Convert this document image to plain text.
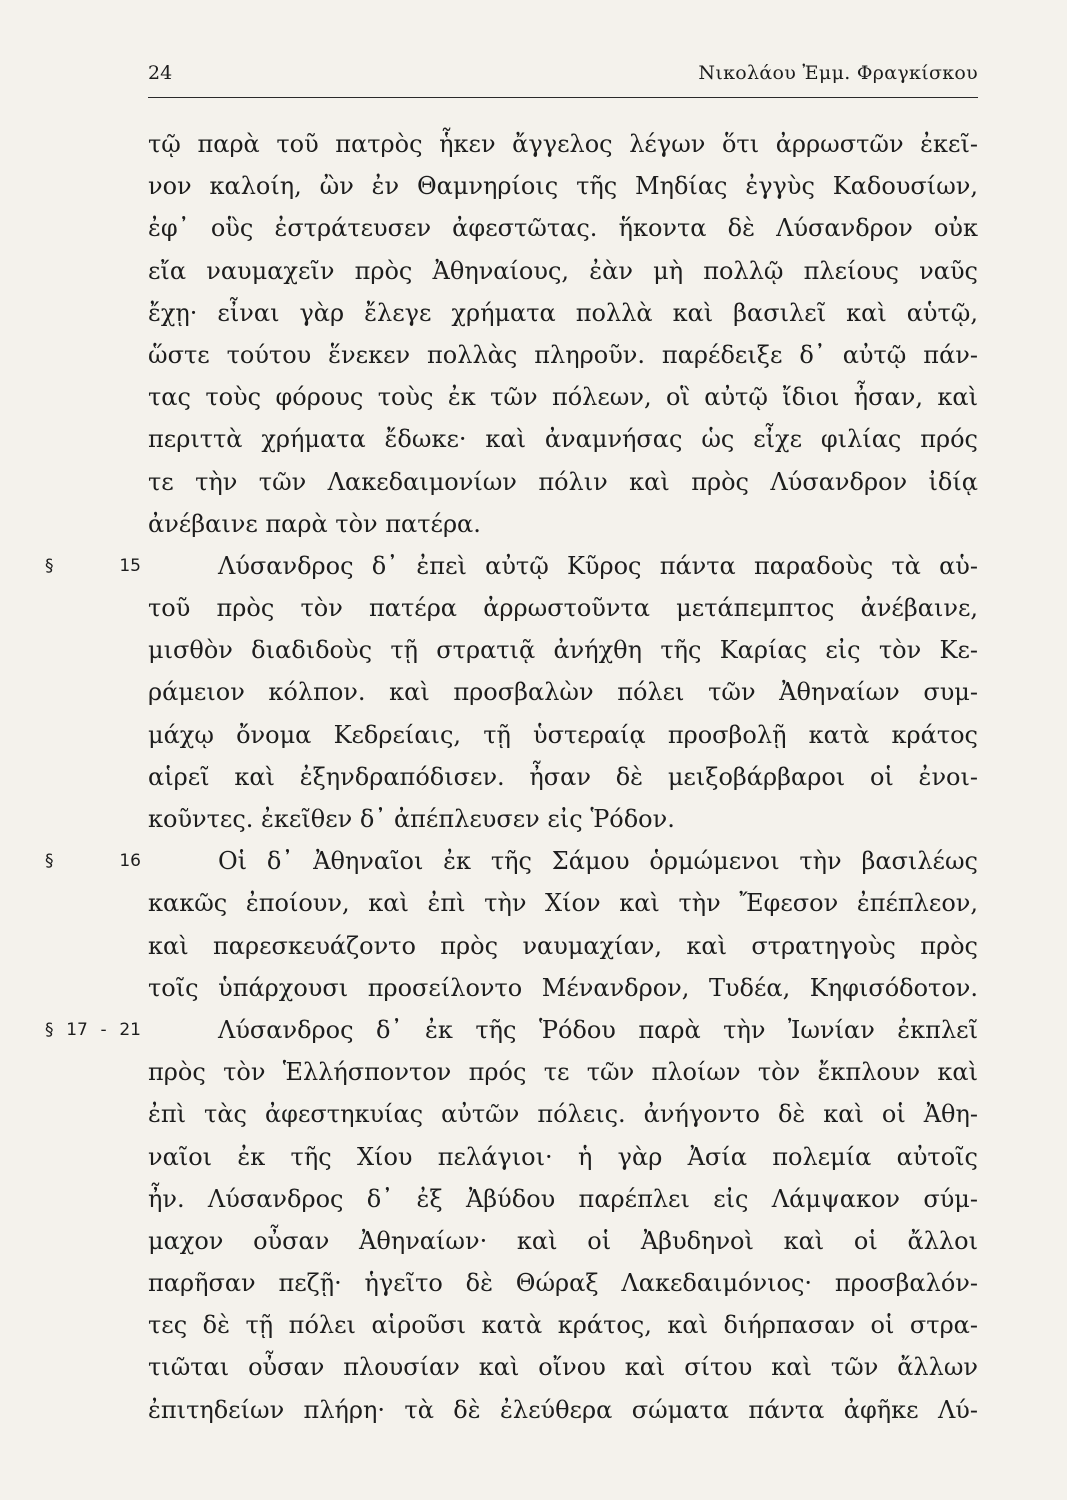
24	Νικολάου Ἐμμ. Φραγκίσκου
τῷ παρὰ τοῦ πατρὸς ἧκεν ἄγγελος λέγων ὅτι ἀρρωστῶν ἐκεῖ-
νον καλοίη, ὢν ἐν Θαμνηρίοις τῆς Μηδίας ἐγγὺς Καδουσίων,
ἐφ᾽ οὓς ἐστράτευσεν ἀφεστῶτας. ἥκοντα δὲ Λύσανδρον οὐκ
εἴα ναυμαχεῖν πρὸς Ἀθηναίους, ἐὰν μὴ πολλῷ πλείους ναῦς
ἔχῃ· εἶναι γὰρ ἔλεγε χρήματα πολλὰ καὶ βασιλεῖ καὶ αὑτῷ,
ὥστε τούτου ἕνεκεν πολλὰς πληροῦν. παρέδειξε δ᾽ αὐτῷ πάν-
τας τοὺς φόρους τοὺς ἐκ τῶν πόλεων, οἳ αὐτῷ ἴδιοι ἦσαν, καὶ
περιττὰ χρήματα ἔδωκε· καὶ ἀναμνήσας ὡς εἶχε φιλίας πρός
τε τὴν τῶν Λακεδαιμονίων πόλιν καὶ πρὸς Λύσανδρον ἰδίᾳ
ἀνέβαινε παρὰ τὸν πατέρα.
§ 15	Λύσανδρος δ᾽ ἐπεὶ αὐτῷ Κῦρος πάντα παραδοὺς τὰ αὑ-
τοῦ πρὸς τὸν πατέρα ἀρρωστοῦντα μετάπεμπτος ἀνέβαινε,
μισθὸν διαδιδοὺς τῇ στρατιᾷ ἀνήχθη τῆς Καρίας εἰς τὸν Κε-
ράμειον κόλπον. καὶ προσβαλὼν πόλει τῶν Ἀθηναίων συμ-
μάχῳ ὄνομα Κεδρείαις, τῇ ὑστεραίᾳ προσβολῇ κατὰ κράτος
αἱρεῖ καὶ ἐξηνδραπόδισεν. ἦσαν δὲ μειξοβάρβαροι οἱ ἐνοι-
κοῦντες. ἐκεῖθεν δ᾽ ἀπέπλευσεν εἰς Ῥόδον.
§ 16	Οἱ δ᾽ Ἀθηναῖοι ἐκ τῆς Σάμου ὁρμώμενοι τὴν βασιλέως
κακῶς ἐποίουν, καὶ ἐπὶ τὴν Χίον καὶ τὴν Ἔφεσον ἐπέπλεον,
καὶ παρεσκευάζοντο πρὸς ναυμαχίαν, καὶ στρατηγοὺς πρὸς
τοῖς ὑπάρχουσι προσείλοντο Μένανδρον, Τυδέα, Κηφισόδοτον.
§ 17 - 21	Λύσανδρος δ᾽ ἐκ τῆς Ῥόδου παρὰ τὴν Ἰωνίαν ἐκπλεῖ
πρὸς τὸν Ἑλλήσποντον πρός τε τῶν πλοίων τὸν ἔκπλουν καὶ
ἐπὶ τὰς ἀφεστηκυίας αὐτῶν πόλεις. ἀνήγοντο δὲ καὶ οἱ Ἀθη-
ναῖοι ἐκ τῆς Χίου πελάγιοι· ἡ γὰρ Ἀσία πολεμία αὐτοῖς
ἦν. Λύσανδρος δ᾽ ἐξ Ἀβύδου παρέπλει εἰς Λάμψακον σύμ-
μαχον οὖσαν Ἀθηναίων· καὶ οἱ Ἀβυδηνοὶ καὶ οἱ ἄλλοι
παρῆσαν πεζῇ· ἡγεῖτο δὲ Θώραξ Λακεδαιμόνιος· προσβαλόν-
τες δὲ τῇ πόλει αἱροῦσι κατὰ κράτος, καὶ διήρπασαν οἱ στρα-
τιῶται οὖσαν πλουσίαν καὶ οἴνου καὶ σίτου καὶ τῶν ἄλλων
ἐπιτηδείων πλήρη· τὰ δὲ ἐλεύθερα σώματα πάντα ἀφῆκε Λύ-
